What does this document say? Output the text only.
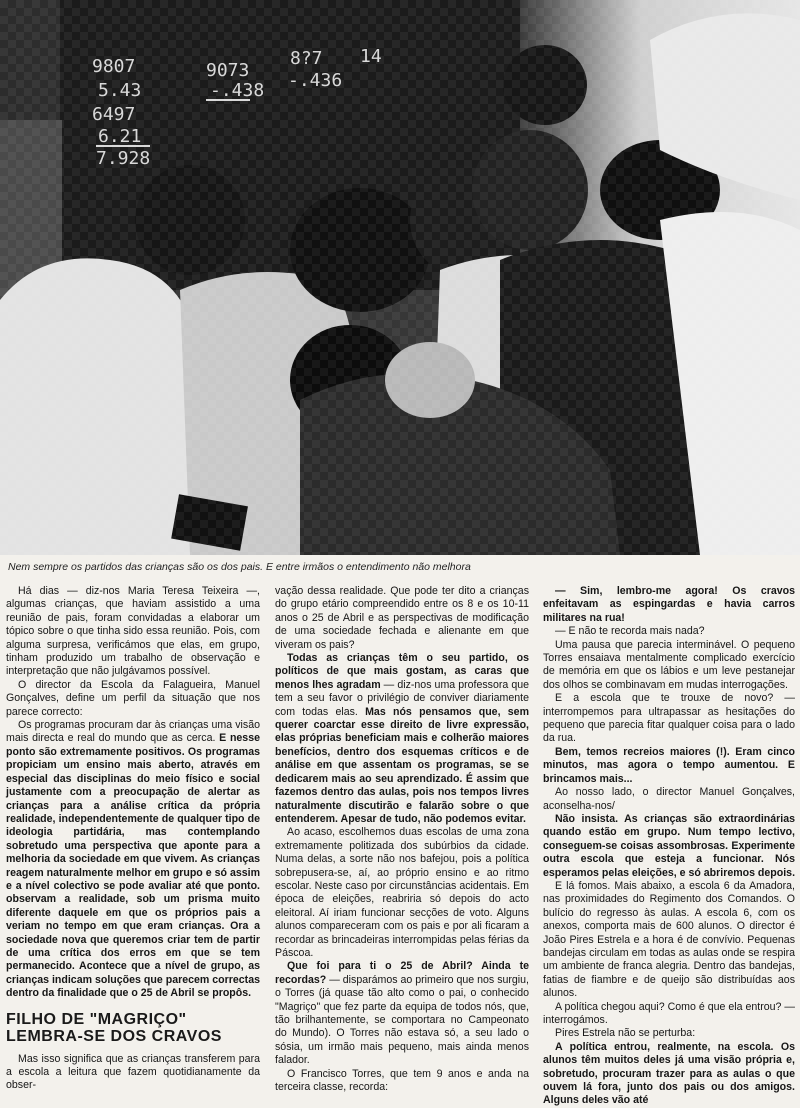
Nem sempre os partidos das crianças são os dos pais. E entre irmãos o entendimento não melhora

Há dias — diz-nos Maria Teresa Teixeira —, algumas crianças, que haviam assistido a uma reunião de pais, foram convidadas a elaborar um tópico sobre o que tinha sido essa reunião. Pois, com alguma surpresa, verificámos que elas, em grupo, tinham produzido um trabalho de observação e interpretação que não julgávamos possível.

O director da Escola da Falagueira, Manuel Gonçalves, define um perfil da situação que nos parece correcto:

Os programas procuram dar às crianças uma visão mais directa e real do mundo que as cerca. E nesse ponto são extremamente positivos. Os programas propiciam um ensino mais aberto, através em especial das disciplinas do meio físico e social justamente com a preocupação de alertar as crianças para a análise crítica da própria realidade, independentemente de qualquer tipo de ideologia partidária, mas contemplando sobretudo uma perspectiva que aponte para a melhoria da sociedade em que vivem. As crianças reagem naturalmente melhor em grupo e só assim e a nível colectivo se pode avaliar até que ponto. observam a realidade, sob um prisma muito diferente daquele em que os próprios pais a veriam no tempo em que eram crianças. Ora a sociedade nova que queremos criar tem de partir de uma crítica dos erros em que se tem permanecido. Acontece que a nível de grupo, as crianças indicam soluções que parecem correctas dentro da finalidade que o 25 de Abril se propôs.

FILHO DE "MAGRIÇO"
LEMBRA-SE DOS CRAVOS

Mas isso significa que as crianças transferem para a escola a leitura que fazem quotidianamente da obser-

vação dessa realidade. Que pode ter dito a crianças do grupo etário compreendido entre os 8 e os 10-11 anos o 25 de Abril e as perspectivas de modificação de uma sociedade fechada e alienante em que viveram os pais?

Todas as crianças têm o seu partido, os políticos de que mais gostam, as caras que menos lhes agradam — diz-nos uma professora que tem a seu favor o privilégio de conviver diariamente com todas elas. Mas nós pensamos que, sem querer coarctar esse direito de livre expressão, elas próprias beneficiam mais e colherão maiores benefícios, dentro dos esquemas críticos e de análise em que assentam os programas, se se dedicarem mais ao seu aprendizado. É assim que fazemos dentro das aulas, pois nos tempos livres naturalmente discutirão e falarão sobre o que entenderem. Apesar de tudo, não podemos evitar.

Ao acaso, escolhemos duas escolas de uma zona extremamente politizada dos subúrbios da cidade. Numa delas, a sorte não nos bafejou, pois a política sobrepusera-se, aí, ao próprio ensino e ao ritmo escolar. Neste caso por circunstâncias acidentais. Em época de eleições, reabriria só depois do acto eleitoral. Aí iriam funcionar secções de voto. Alguns alunos compareceram com os pais e por ali ficaram a recordar as brincadeiras interrompidas pelas férias da Páscoa.

Que foi para ti o 25 de Abril? Ainda te recordas? — disparámos ao primeiro que nos surgiu, o Torres (já quase tão alto como o pai, o conhecido "Magriço" que fez parte da equipa de todos nós, que, tão brilhantemente, se comportara no Campeonato do Mundo). O Torres não estava só, a seu lado o sósia, um irmão mais pequeno, mais ainda menos falador.

O Francisco Torres, que tem 9 anos e anda na terceira classe, recorda:

— Sim, lembro-me agora! Os cravos enfeitavam as espingardas e havia carros militares na rua!

— E não te recorda mais nada?

Uma pausa que parecia interminável. O pequeno Torres ensaiava mentalmente complicado exercício de memória em que os lábios e um leve pestanejar dos olhos se combinavam em mudas interrogações.

E a escola que te trouxe de novo? — interrompemos para ultrapassar as hesitações do pequeno que parecia fitar qualquer coisa para o lado da rua.

Bem, temos recreios maiores (!). Eram cinco minutos, mas agora o tempo aumentou. E brincamos mais...

Ao nosso lado, o director Manuel Gonçalves, aconselha-nos/

Não insista. As crianças são extraordinárias quando estão em grupo. Num tempo lectivo, conseguem-se coisas assombrosas. Experimente outra escola que esteja a funcionar. Nós esperamos pelas eleições, e só abriremos depois.

E lá fomos. Mais abaixo, a escola 6 da Amadora, nas proximidades do Regimento dos Comandos. O bulício do regresso às aulas. A escola 6, com os anexos, comporta mais de 600 alunos. O director é João Pires Estrela e a hora é de convívio. Pequenas bandejas circulam em todas as aulas onde se respira um ambiente de franca alegria. Dentro das bandejas, fatias de fiambre e de queijo são distribuídas aos alunos.

A política chegou aqui? Como é que ela entrou? — interrogámos.

Pires Estrela não se perturba:

A política entrou, realmente, na escola. Os alunos têm muitos deles já uma visão própria e, sobretudo, procuram trazer para as aulas o que ouvem lá fora, junto dos pais ou dos amigos. Alguns deles vão até
